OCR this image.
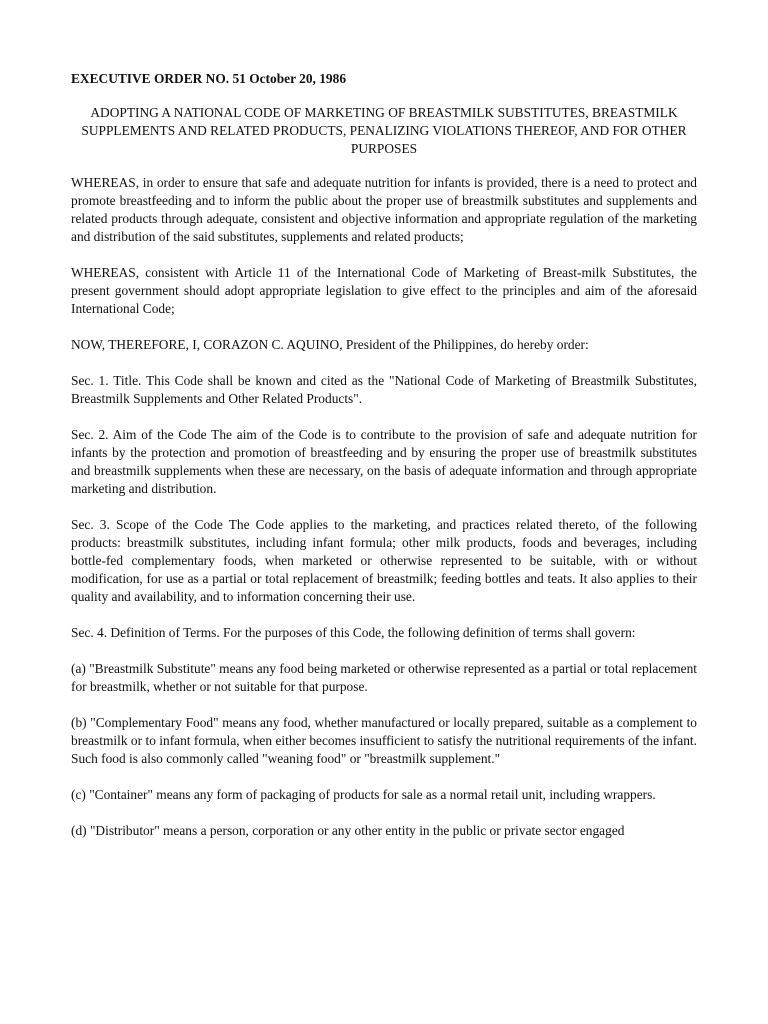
EXECUTIVE ORDER NO. 51 October 20, 1986
ADOPTING A NATIONAL CODE OF MARKETING OF BREASTMILK SUBSTITUTES, BREASTMILK SUPPLEMENTS AND RELATED PRODUCTS, PENALIZING VIOLATIONS THEREOF, AND FOR OTHER PURPOSES
WHEREAS, in order to ensure that safe and adequate nutrition for infants is provided, there is a need to protect and promote breastfeeding and to inform the public about the proper use of breastmilk substitutes and supplements and related products through adequate, consistent and objective information and appropriate regulation of the marketing and distribution of the said substitutes, supplements and related products;
WHEREAS, consistent with Article 11 of the International Code of Marketing of Breast-milk Substitutes, the present government should adopt appropriate legislation to give effect to the principles and aim of the aforesaid International Code;
NOW, THEREFORE, I, CORAZON C. AQUINO, President of the Philippines, do hereby order:
Sec. 1. Title. This Code shall be known and cited as the "National Code of Marketing of Breastmilk Substitutes, Breastmilk Supplements and Other Related Products".
Sec. 2. Aim of the Code The aim of the Code is to contribute to the provision of safe and adequate nutrition for infants by the protection and promotion of breastfeeding and by ensuring the proper use of breastmilk substitutes and breastmilk supplements when these are necessary, on the basis of adequate information and through appropriate marketing and distribution.
Sec. 3. Scope of the Code The Code applies to the marketing, and practices related thereto, of the following products: breastmilk substitutes, including infant formula; other milk products, foods and beverages, including bottle-fed complementary foods, when marketed or otherwise represented to be suitable, with or without modification, for use as a partial or total replacement of breastmilk; feeding bottles and teats. It also applies to their quality and availability, and to information concerning their use.
Sec. 4. Definition of Terms. For the purposes of this Code, the following definition of terms shall govern:
(a) "Breastmilk Substitute" means any food being marketed or otherwise represented as a partial or total replacement for breastmilk, whether or not suitable for that purpose.
(b) "Complementary Food" means any food, whether manufactured or locally prepared, suitable as a complement to breastmilk or to infant formula, when either becomes insufficient to satisfy the nutritional requirements of the infant. Such food is also commonly called "weaning food" or "breastmilk supplement."
(c) "Container" means any form of packaging of products for sale as a normal retail unit, including wrappers.
(d) "Distributor" means a person, corporation or any other entity in the public or private sector engaged
